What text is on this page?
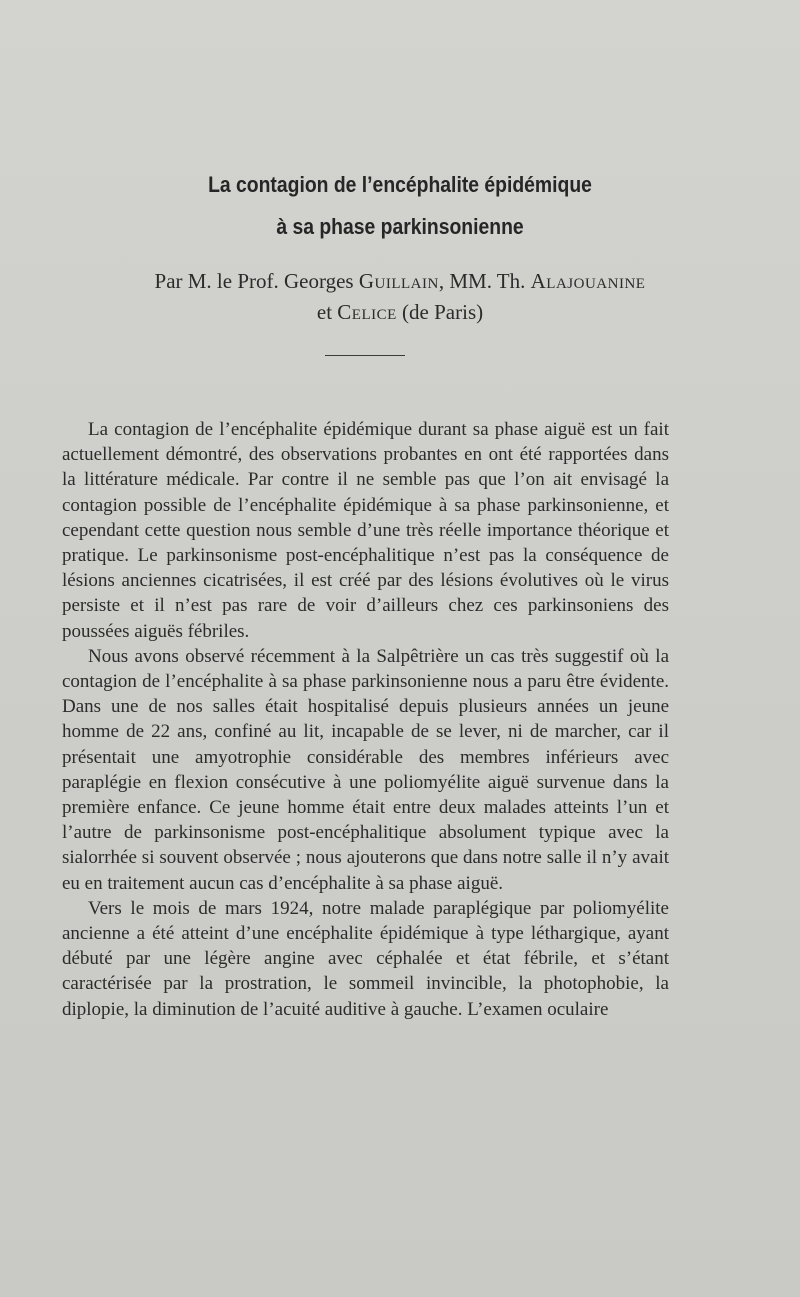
La contagion de l’encéphalite épidémique
à sa phase parkinsonienne
Par M. le Prof. Georges Guillain, MM. Th. Alajouanine
et Celice (de Paris)

La contagion de l’encéphalite épidémique durant sa phase aiguë est un fait actuellement démontré, des observations probantes en ont été rapportées dans la littérature médicale. Par contre il ne semble pas que l’on ait envisagé la contagion possible de l’encéphalite épidémique à sa phase parkinsonienne, et cependant cette question nous semble d’une très réelle importance théorique et pratique. Le parkinsonisme post-encéphalitique n’est pas la conséquence de lésions anciennes cicatrisées, il est créé par des lésions évolutives où le virus persiste et il n’est pas rare de voir d’ailleurs chez ces parkinsoniens des poussées aiguës fébriles.

Nous avons observé récemment à la Salpêtrière un cas très suggestif où la contagion de l’encéphalite à sa phase parkinsonienne nous a paru être évidente. Dans une de nos salles était hospitalisé depuis plusieurs années un jeune homme de 22 ans, confiné au lit, incapable de se lever, ni de marcher, car il présentait une amyotrophie considérable des membres inférieurs avec paraplégie en flexion consécutive à une poliomyélite aiguë survenue dans la première enfance. Ce jeune homme était entre deux malades atteints l’un et l’autre de parkinsonisme post-encéphalitique absolument typique avec la sialorrhée si souvent observée ; nous ajouterons que dans notre salle il n’y avait eu en traitement aucun cas d’encéphalite à sa phase aiguë.

Vers le mois de mars 1924, notre malade paraplégique par poliomyélite ancienne a été atteint d’une encéphalite épidémique à type léthargique, ayant débuté par une légère angine avec céphalée et état fébrile, et s’étant caractérisée par la prostration, le sommeil invincible, la photophobie, la diplopie, la diminution de l’acuité auditive à gauche. L’examen oculaire
